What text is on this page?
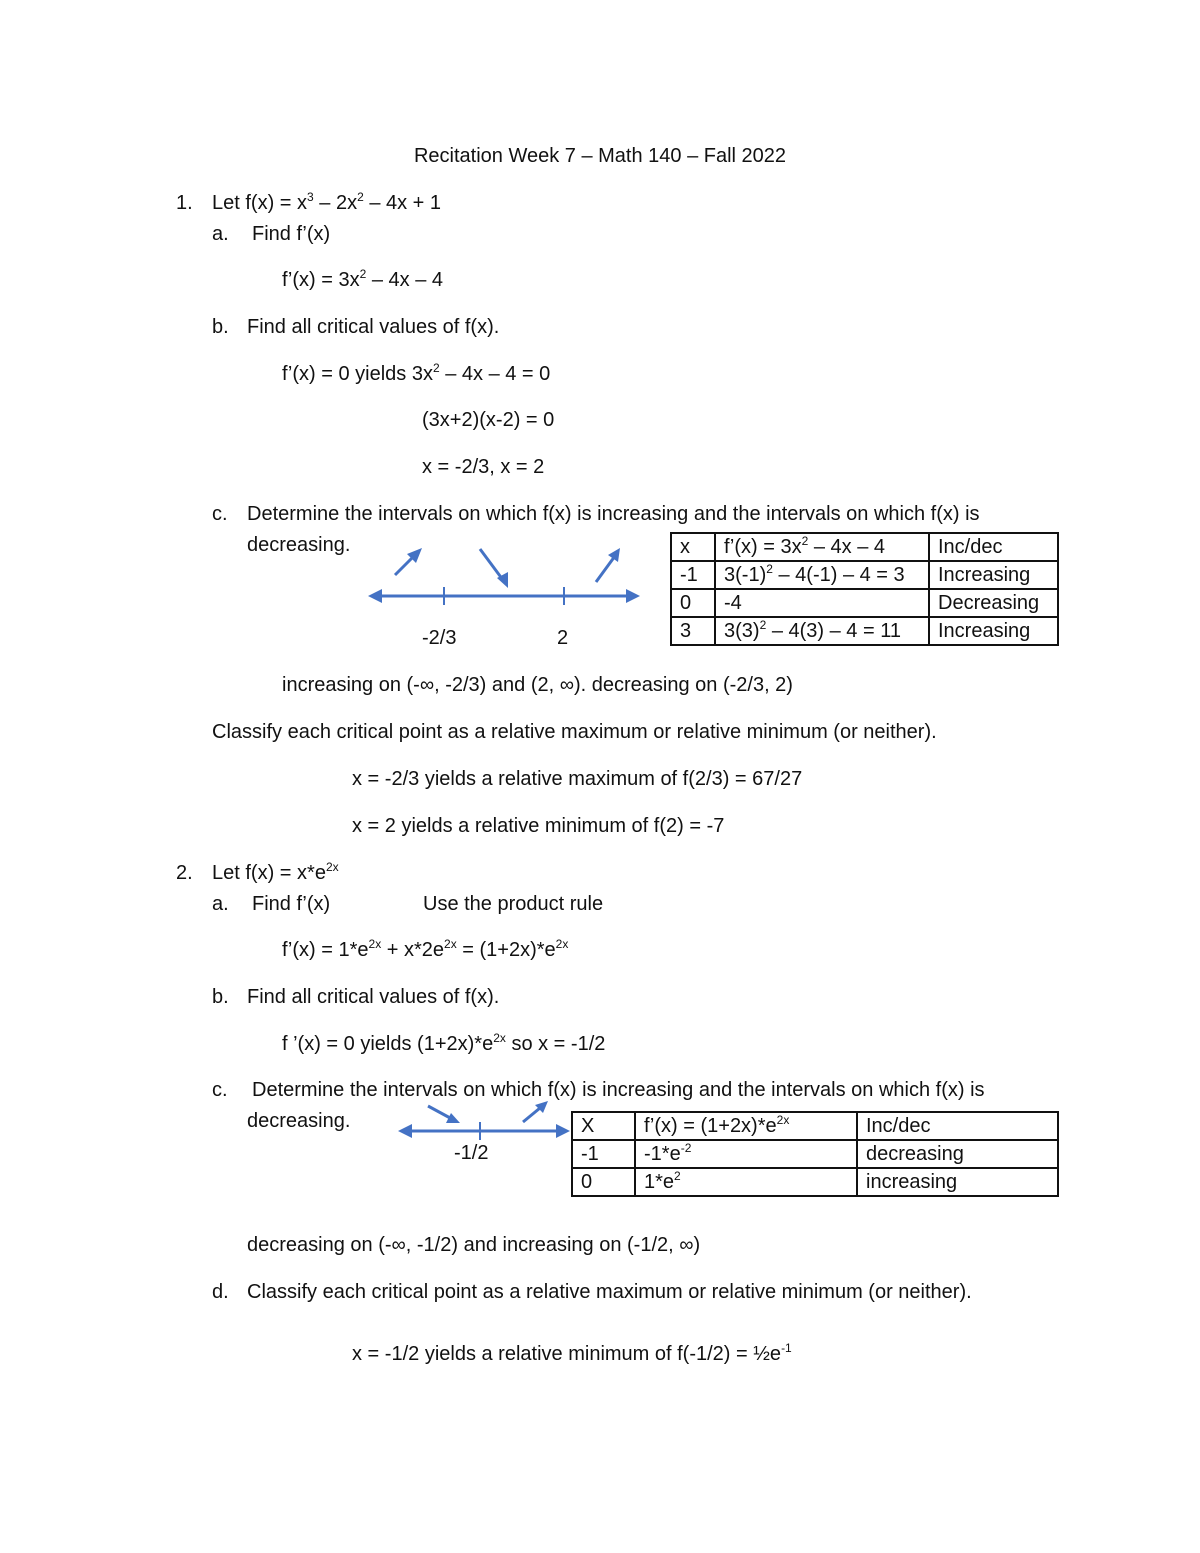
Recitation Week 7 – Math 140 – Fall 2022
1. Let $f(x) = x^3 - 2x^2 - 4x + 1$
a. Find f’(x)
f’(x) = $3x^2 - 4x - 4$
b. Find all critical values of f(x).
f’(x) = 0 yields $3x^2 - 4x - 4 = 0$
(3x+2)(x-2) = 0
x = -2/3, x = 2
c. Determine the intervals on which f(x) is increasing and the intervals on which f(x) is
decreasing.
-2/3	2
x	f’(x) = $3x^2 - 4x - 4$	Inc/dec
-1	$3(-1)^2 - 4(-1) - 4 = 3$	Increasing
0	-4	Decreasing
3	$3(3)^2 - 4(3) - 4 = 11$	Increasing
increasing on (-∞, -2/3) and (2, ∞). decreasing on (-2/3, 2)
Classify each critical point as a relative maximum or relative minimum (or neither).
x = -2/3 yields a relative maximum of f(2/3) = 67/27
x = 2 yields a relative minimum of f(2) = -7
2. Let $f(x) = x*e^{2x}$
a. Find f’(x)	Use the product rule
f’(x) = $1*e^{2x} + x*2e^{2x} = (1+2x)*e^{2x}$
b. Find all critical values of f(x).
f ’(x) = 0 yields $(1+2x)*e^{2x}$ so x = -1/2
c. Determine the intervals on which f(x) is increasing and the intervals on which f(x) is
decreasing.
-1/2
X	f’(x) = $(1+2x)*e^{2x}$	Inc/dec
-1	$-1*e^{-2}$	decreasing
0	$1*e^2$	increasing
decreasing on (-∞, -1/2) and increasing on (-1/2, ∞)
d. Classify each critical point as a relative maximum or relative minimum (or neither).
x = -1/2 yields a relative minimum of $f(-1/2) = \frac{1}{2}e^{-1}$
